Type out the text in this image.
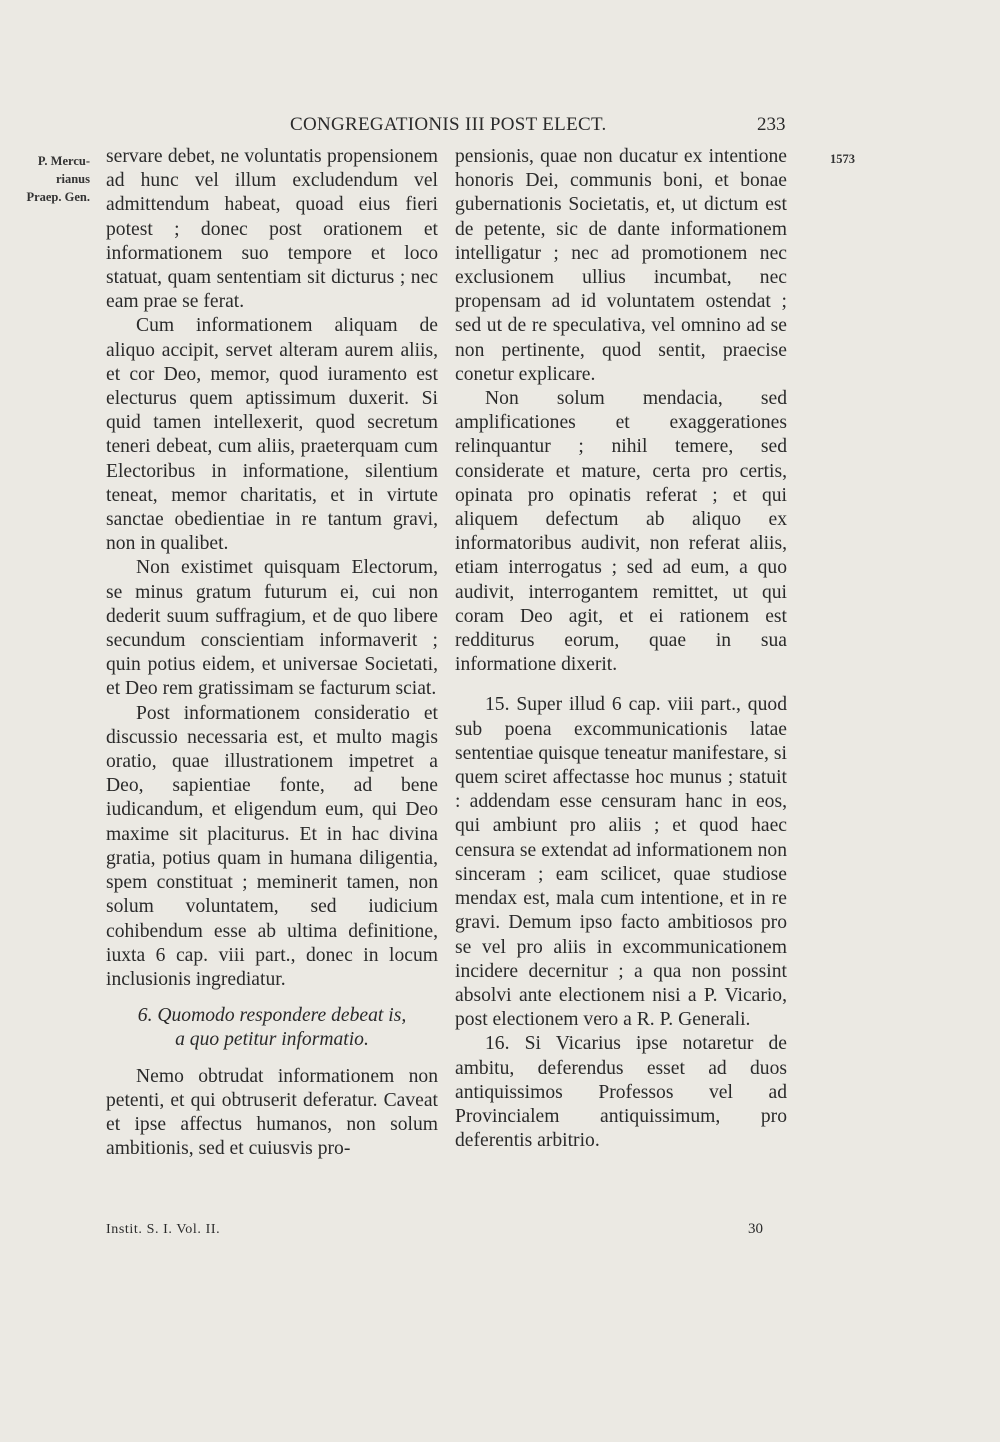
CONGREGATIONIS III POST ELECT.	233
P. Mercu-
rianus
Praep. Gen.
1573

servare debet, ne voluntatis propensionem ad hunc vel illum excludendum vel admittendum habeat, quoad eius fieri potest ; donec post orationem et informationem suo tempore et loco statuat, quam sententiam sit dicturus ; nec eam prae se ferat.

Cum informationem aliquam de aliquo accipit, servet alteram aurem aliis, et cor Deo, memor, quod iuramento est electurus quem aptissimum duxerit. Si quid tamen intellexerit, quod secretum teneri debeat, cum aliis, praeterquam cum Electoribus in informatione, silentium teneat, memor charitatis, et in virtute sanctae obedientiae in re tantum gravi, non in qualibet.

Non existimet quisquam Electorum, se minus gratum futurum ei, cui non dederit suum suffragium, et de quo libere secundum conscientiam informaverit ; quin potius eidem, et universae Societati, et Deo rem gratissimam se facturum sciat.

Post informationem consideratio et discussio necessaria est, et multo magis oratio, quae illustrationem impetret a Deo, sapientiae fonte, ad bene iudicandum, et eligendum eum, qui Deo maxime sit placiturus. Et in hac divina gratia, potius quam in humana diligentia, spem constituat ; meminerit tamen, non solum voluntatem, sed iudicium cohibendum esse ab ultima definitione, iuxta 6 cap. viii part., donec in locum inclusionis ingrediatur.

6. Quomodo respondere debeat is,
a quo petitur informatio.

Nemo obtrudat informationem non petenti, et qui obtruserit deferatur. Caveat et ipse affectus humanos, non solum ambitionis, sed et cuiusvis pro-

pensionis, quae non ducatur ex intentione honoris Dei, communis boni, et bonae gubernationis Societatis, et, ut dictum est de petente, sic de dante informationem intelligatur ; nec ad promotionem nec exclusionem ullius incumbat, nec propensam ad id voluntatem ostendat ; sed ut de re speculativa, vel omnino ad se non pertinente, quod sentit, praecise conetur explicare.

Non solum mendacia, sed amplificationes et exaggerationes relinquantur ; nihil temere, sed considerate et mature, certa pro certis, opinata pro opinatis referat ; et qui aliquem defectum ab aliquo ex informatoribus audivit, non referat aliis, etiam interrogatus ; sed ad eum, a quo audivit, interrogantem remittet, ut qui coram Deo agit, et ei rationem est redditurus eorum, quae in sua informatione dixerit.

15. Super illud 6 cap. viii part., quod sub poena excommunicationis latae sententiae quisque teneatur manifestare, si quem sciret affectasse hoc munus ; statuit : addendam esse censuram hanc in eos, qui ambiunt pro aliis ; et quod haec censura se extendat ad informationem non sinceram ; eam scilicet, quae studiose mendax est, mala cum intentione, et in re gravi. Demum ipso facto ambitiosos pro se vel pro aliis in excommunicationem incidere decernitur ; a qua non possint absolvi ante electionem nisi a P. Vicario, post electionem vero a R. P. Generali.

16. Si Vicarius ipse notaretur de ambitu, deferendus esset ad duos antiquissimos Professos vel ad Provincialem antiquissimum, pro deferentis arbitrio.

Instit. S. I. Vol. II.	30
